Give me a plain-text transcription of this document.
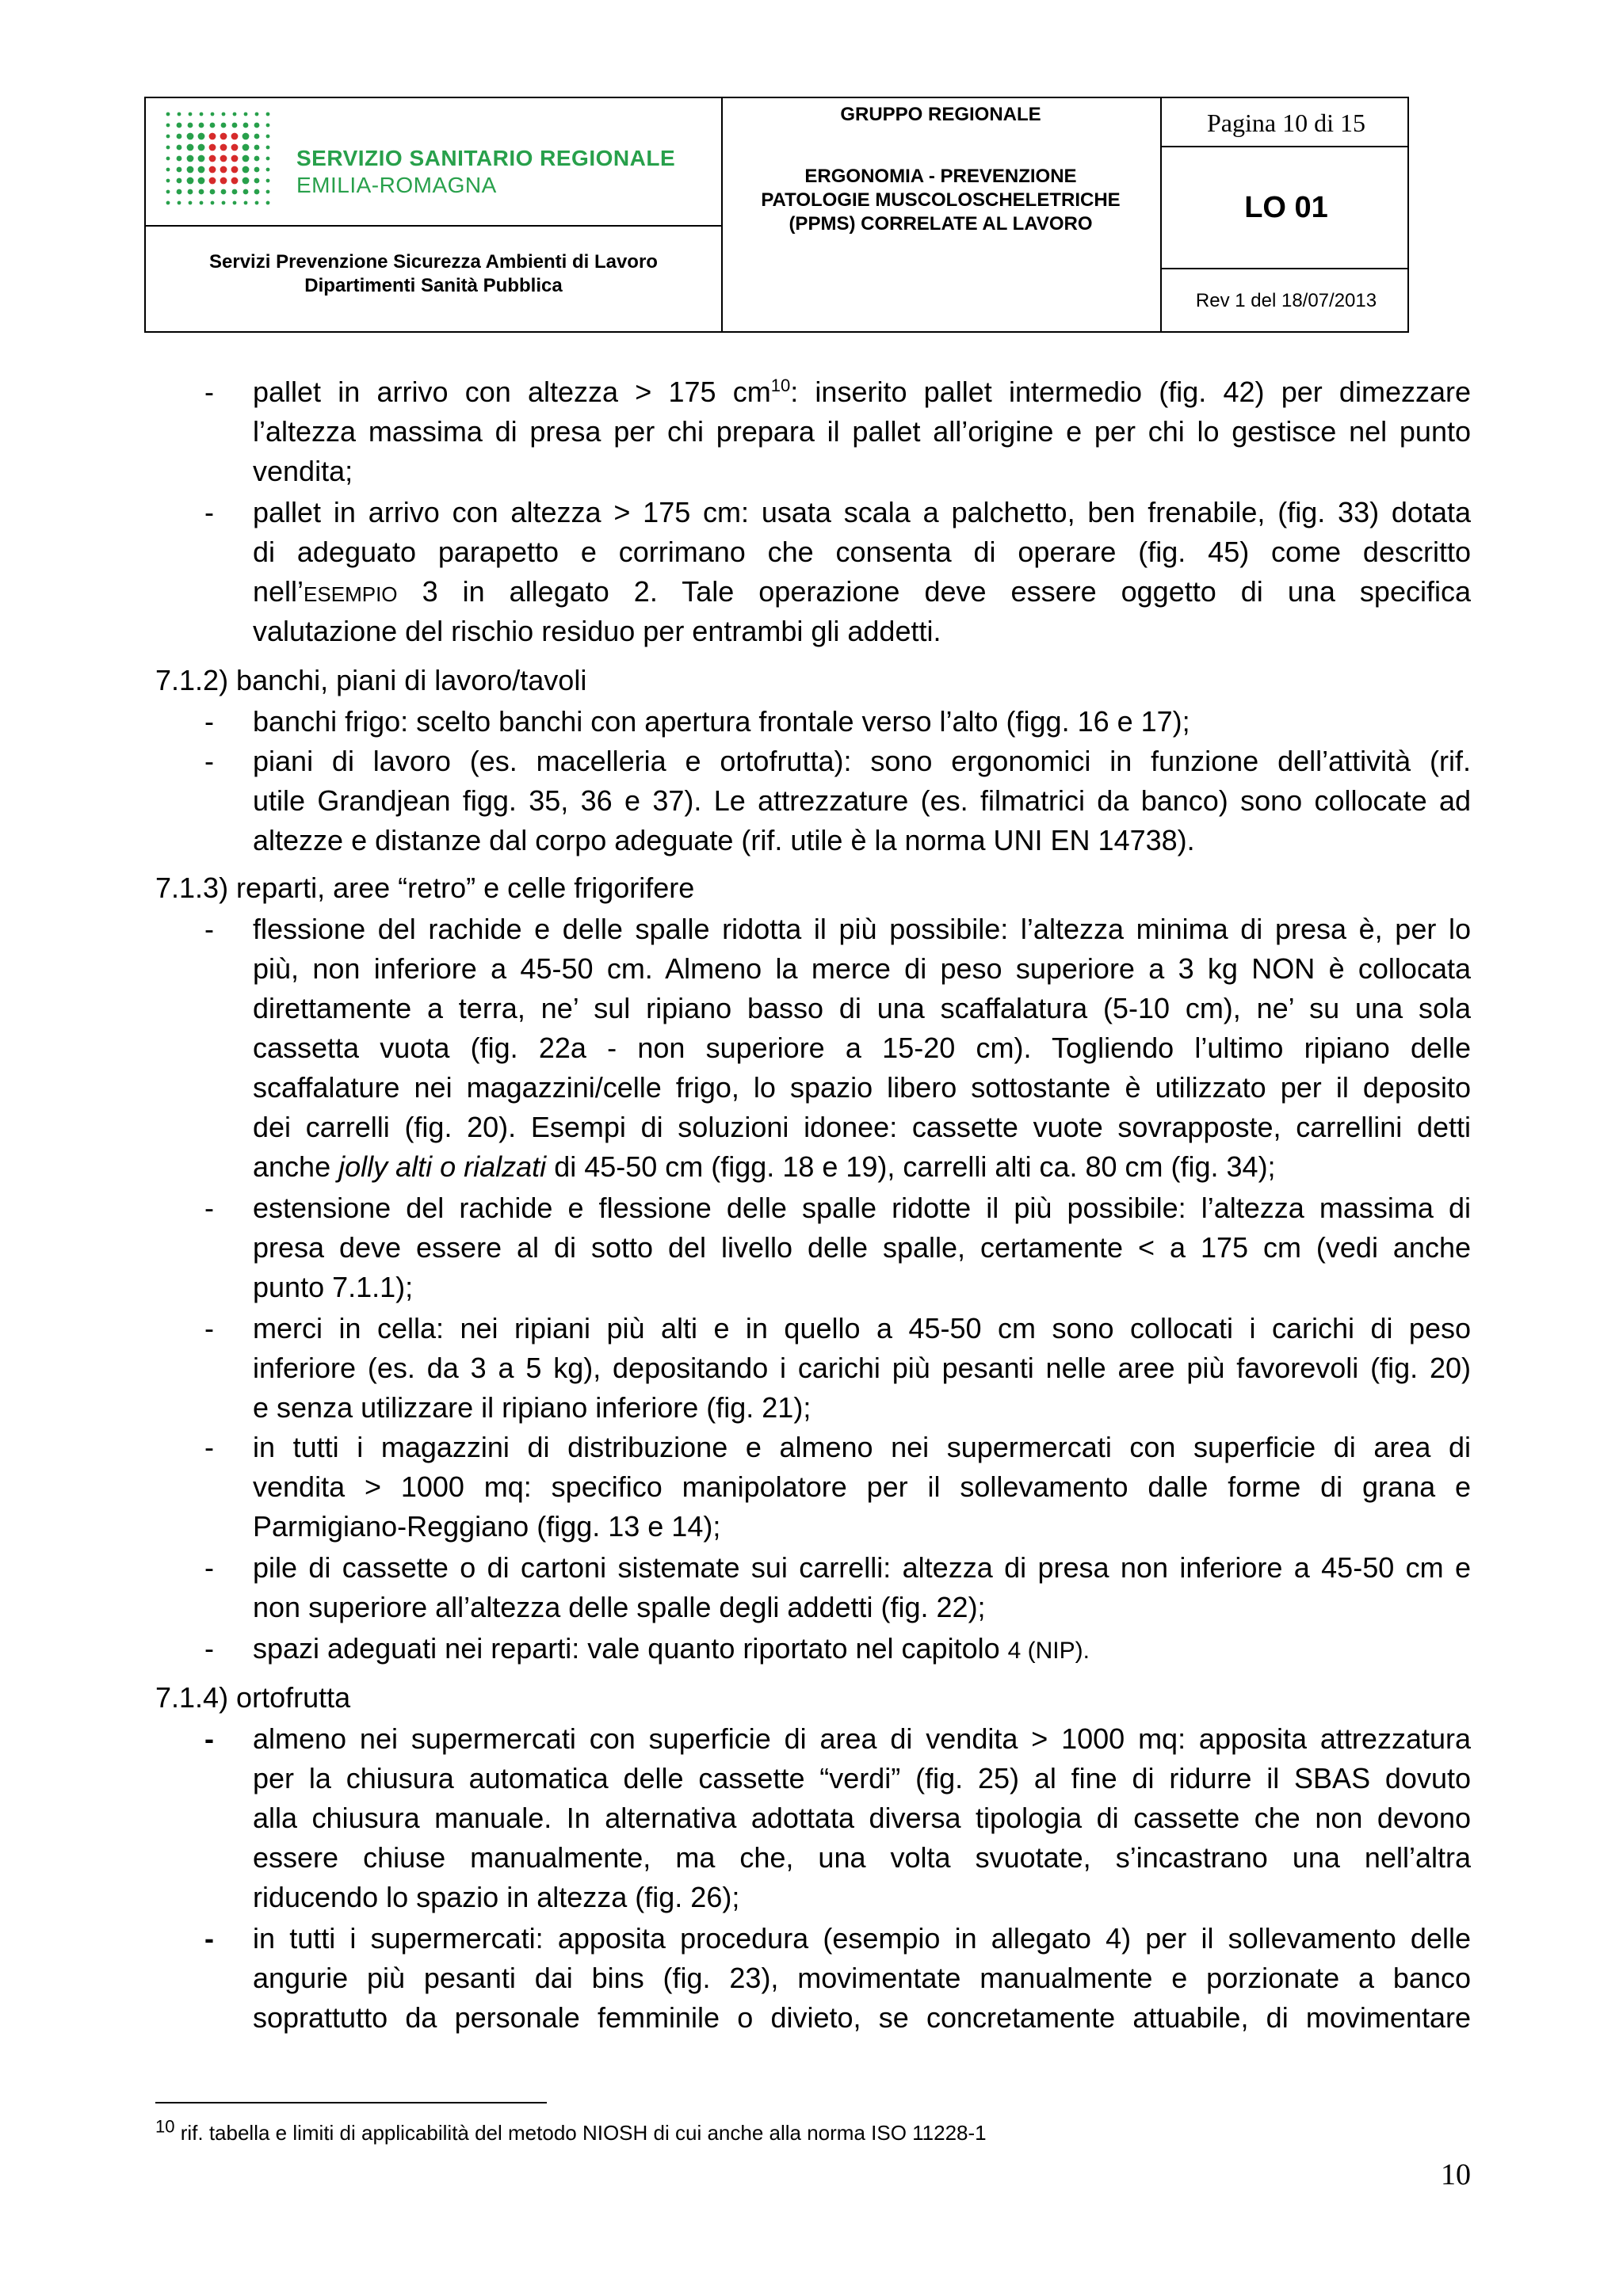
SERVIZIO SANITARIO REGIONALE
EMILIA-ROMAGNA
Servizi Prevenzione Sicurezza Ambienti di Lavoro
Dipartimenti Sanità Pubblica
GRUPPO REGIONALE
ERGONOMIA - PREVENZIONE
PATOLOGIE MUSCOLOSCHELETRICHE
(PPMS) CORRELATE AL LAVORO
Pagina 10 di 15
LO 01
Rev 1 del 18/07/2013
- pallet in arrivo con altezza > 175 $cm^{10}$: inserito pallet intermedio (fig. 42) per dimezzare
l’altezza massima di presa per chi prepara il pallet all’origine e per chi lo gestisce nel punto
vendita;
- pallet in arrivo con altezza > 175 cm: usata scala a palchetto, ben frenabile, (fig. 33) dotata
di adeguato parapetto e corrimano che consenta di operare (fig. 45) come descritto
nell’ESEMPIO 3 in allegato 2. Tale operazione deve essere oggetto di una specifica
valutazione del rischio residuo per entrambi gli addetti.
7.1.2) banchi, piani di lavoro/tavoli
- banchi frigo: scelto banchi con apertura frontale verso l’alto (figg. 16 e 17);
- piani di lavoro (es. macelleria e ortofrutta): sono ergonomici in funzione dell’attività (rif.
utile Grandjean figg. 35, 36 e 37). Le attrezzature (es. filmatrici da banco) sono collocate ad
altezze e distanze dal corpo adeguate (rif. utile è la norma UNI EN 14738).
7.1.3) reparti, aree “retro” e celle frigorifere
- flessione del rachide e delle spalle ridotta il più possibile: l’altezza minima di presa è, per lo
più, non inferiore a 45-50 cm. Almeno la merce di peso superiore a 3 kg NON è collocata
direttamente a terra, ne’ sul ripiano basso di una scaffalatura (5-10 cm), ne’ su una sola
cassetta vuota (fig. 22a - non superiore a 15-20 cm). Togliendo l’ultimo ripiano delle
scaffalature nei magazzini/celle frigo, lo spazio libero sottostante è utilizzato per il deposito
dei carrelli (fig. 20). Esempi di soluzioni idonee: cassette vuote sovrapposte, carrellini detti
anche jolly alti o rialzati di 45-50 cm (figg. 18 e 19), carrelli alti ca. 80 cm (fig. 34);
- estensione del rachide e flessione delle spalle ridotte il più possibile: l’altezza massima di
presa deve essere al di sotto del livello delle spalle, certamente < a 175 cm (vedi anche
punto 7.1.1);
- merci in cella: nei ripiani più alti e in quello a 45-50 cm sono collocati i carichi di peso
inferiore (es. da 3 a 5 kg), depositando i carichi più pesanti nelle aree più favorevoli (fig. 20)
e senza utilizzare il ripiano inferiore (fig. 21);
- in tutti i magazzini di distribuzione e almeno nei supermercati con superficie di area di
vendita > 1000 mq: specifico manipolatore per il sollevamento dalle forme di grana e
Parmigiano-Reggiano (figg. 13 e 14);
- pile di cassette o di cartoni sistemate sui carrelli: altezza di presa non inferiore a 45-50 cm e
non superiore all’altezza delle spalle degli addetti (fig. 22);
- spazi adeguati nei reparti: vale quanto riportato nel capitolo 4 (NIP).
7.1.4) ortofrutta
- almeno nei supermercati con superficie di area di vendita > 1000 mq: apposita attrezzatura
per la chiusura automatica delle cassette “verdi” (fig. 25) al fine di ridurre il SBAS dovuto
alla chiusura manuale. In alternativa adottata diversa tipologia di cassette che non devono
essere chiuse manualmente, ma che, una volta svuotate, s’incastrano una nell’altra
riducendo lo spazio in altezza (fig. 26);
- in tutti i supermercati: apposita procedura (esempio in allegato 4) per il sollevamento delle
angurie più pesanti dai bins (fig. 23), movimentate manualmente e porzionate a banco
soprattutto da personale femminile o divieto, se concretamente attuabile, di movimentare
$^{10}$ rif. tabella e limiti di applicabilità del metodo NIOSH di cui anche alla norma ISO 11228-1
10
